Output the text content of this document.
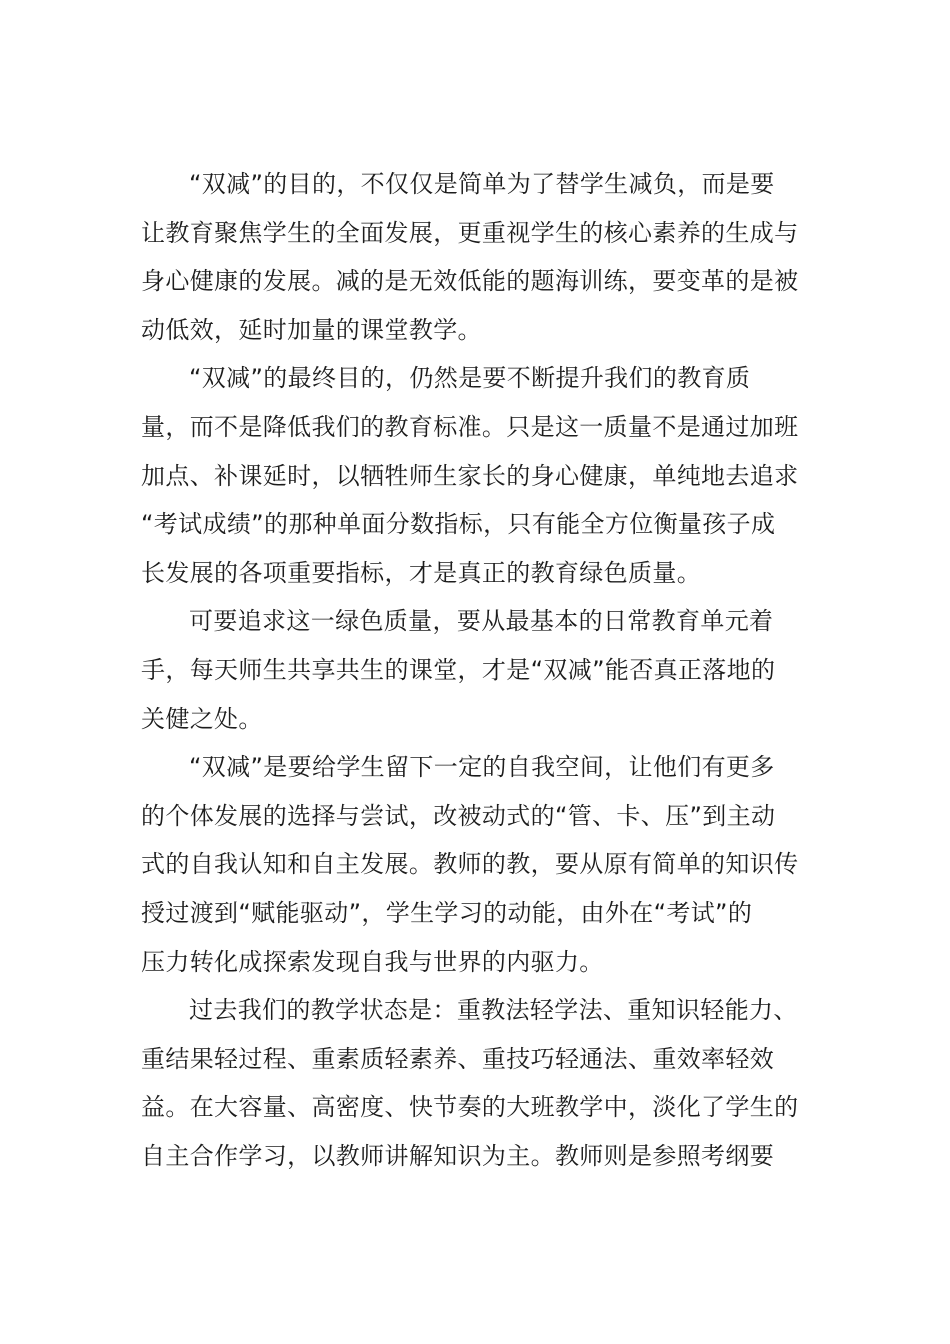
“双减”的目的，不仅仅是简单为了替学生减负，而是要
让教育聚焦学生的全面发展，更重视学生的核心素养的生成与
身心健康的发展。减的是无效低能的题海训练，要变革的是被
动低效，延时加量的课堂教学。
“双减”的最终目的，仍然是要不断提升我们的教育质
量，而不是降低我们的教育标准。只是这一质量不是通过加班
加点、补课延时，以牺牲师生家长的身心健康，单纯地去追求
“考试成绩”的那种单面分数指标，只有能全方位衡量孩子成
长发展的各项重要指标，才是真正的教育绿色质量。
可要追求这一绿色质量，要从最基本的日常教育单元着
手，每天师生共享共生的课堂，才是“双减”能否真正落地的
关健之处。
“双减”是要给学生留下一定的自我空间，让他们有更多
的个体发展的选择与尝试，改被动式的“管、卡、压”到主动
式的自我认知和自主发展。教师的教，要从原有简单的知识传
授过渡到“赋能驱动”，学生学习的动能，由外在“考试”的
压力转化成探索发现自我与世界的内驱力。
过去我们的教学状态是：重教法轻学法、重知识轻能力、
重结果轻过程、重素质轻素养、重技巧轻通法、重效率轻效
益。在大容量、高密度、快节奏的大班教学中，淡化了学生的
自主合作学习，以教师讲解知识为主。教师则是参照考纲要
